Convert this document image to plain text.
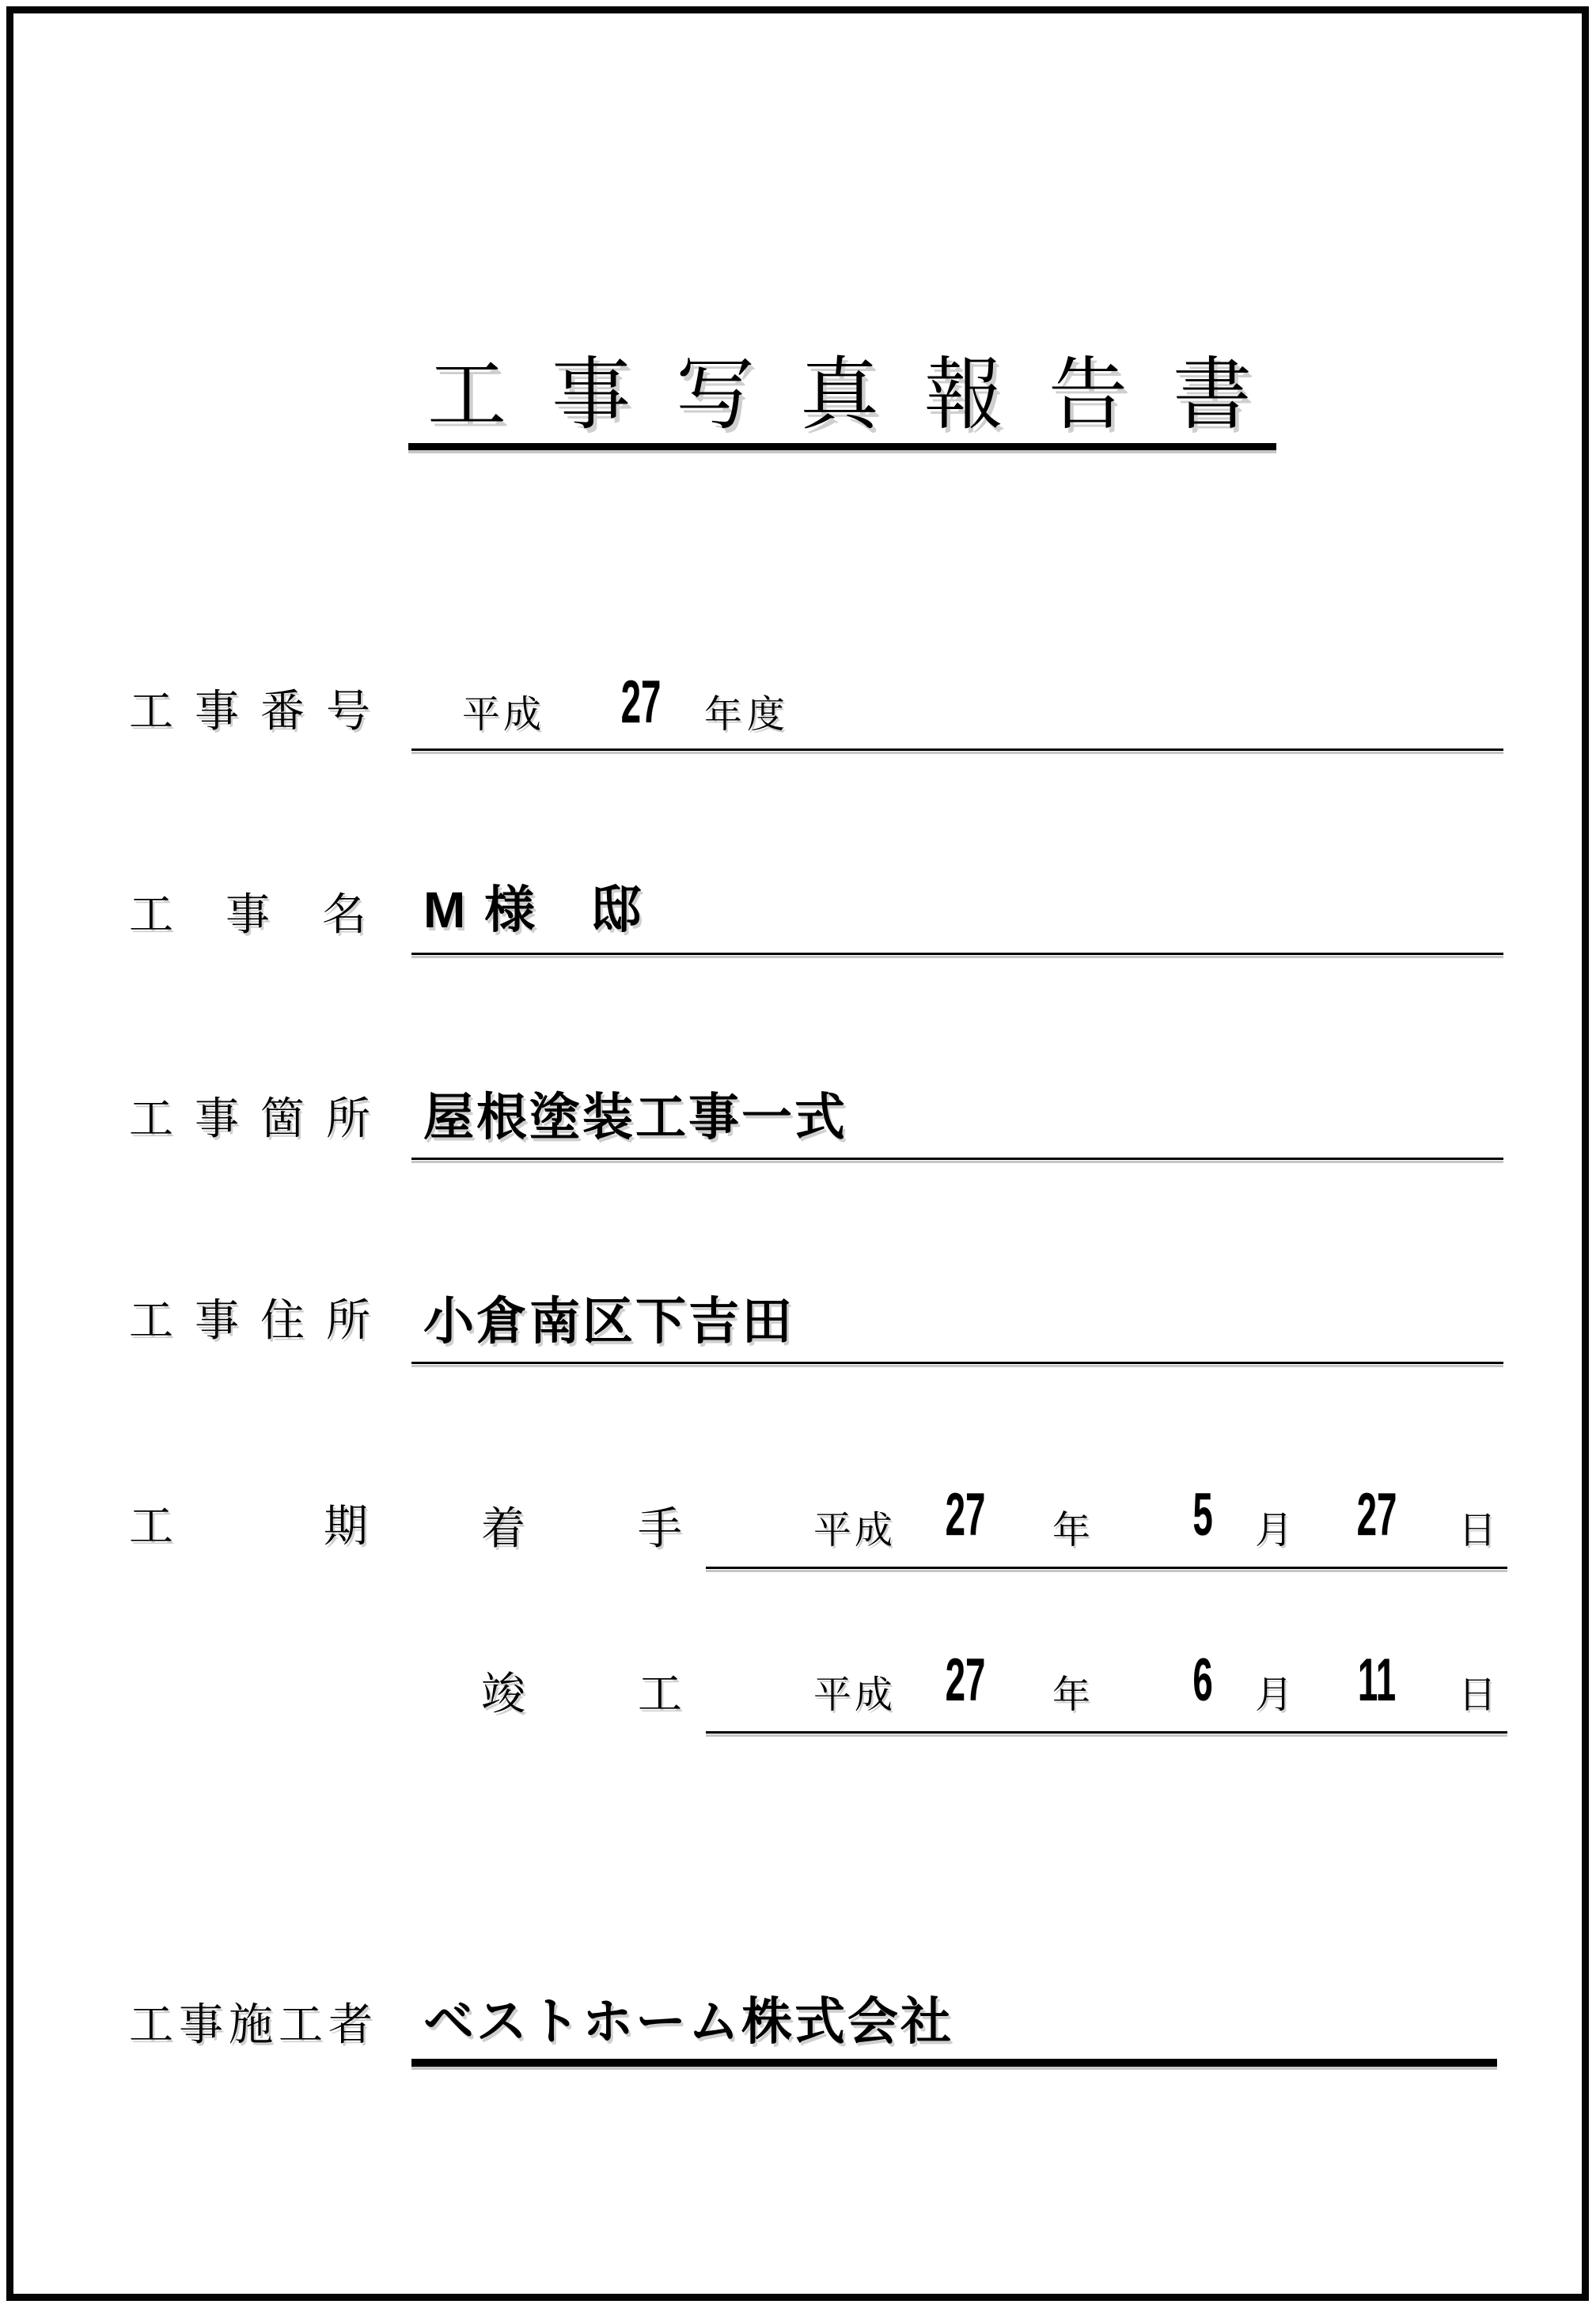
工事写真報告書
工事番号 平成	27	年度
工事名 M 様　邸
工事箇所 屋根塗装工事一式
工事住所 小倉南区下吉田
工期
着手 平成 27	年	5	月	27	日
竣工 平成 27	年	6	月	11	日
工事施工者 ベストホーム株式会社
